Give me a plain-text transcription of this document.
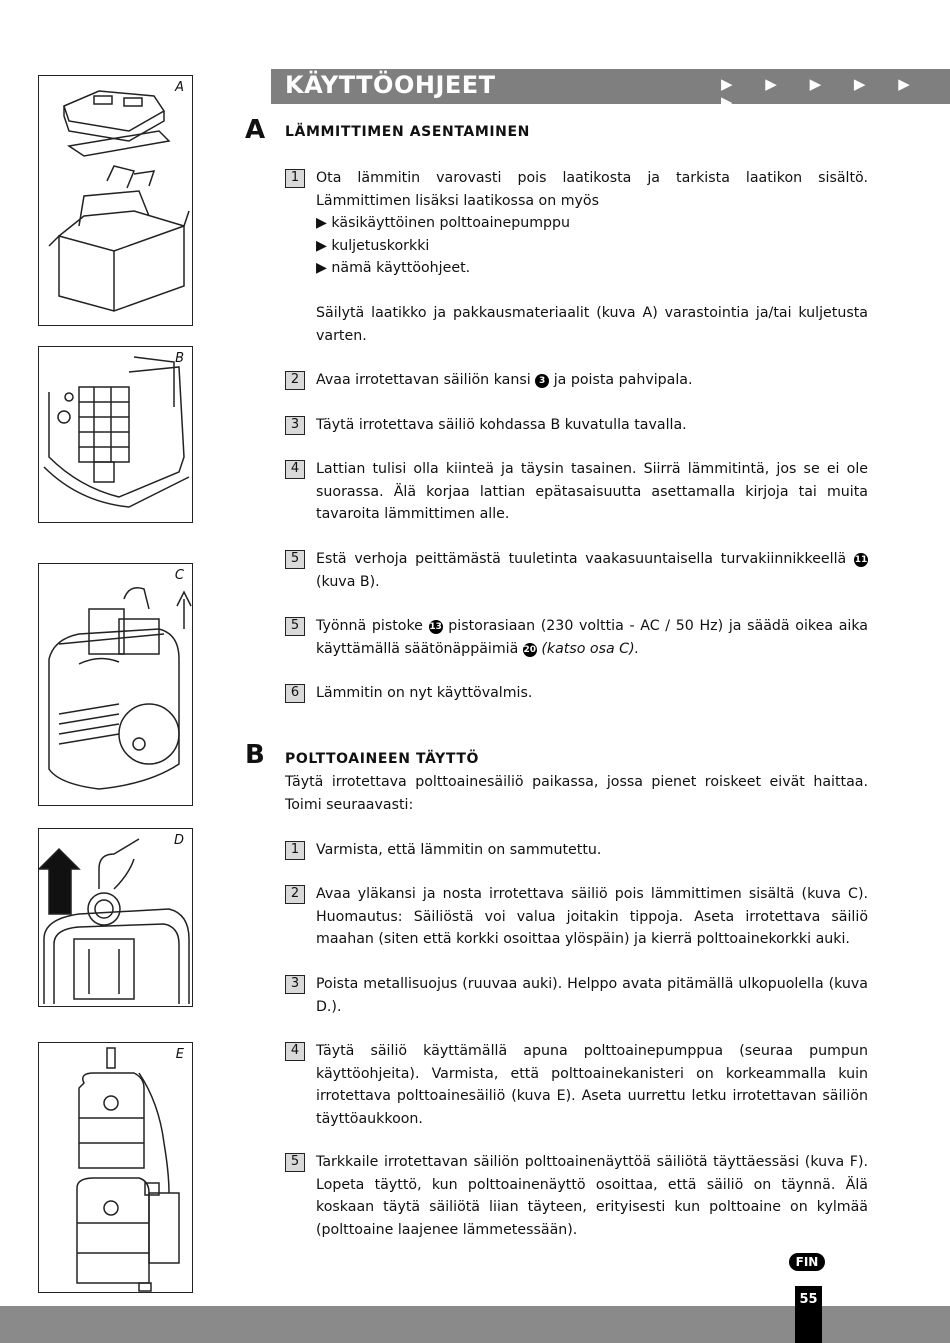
A
B
C
D
E
KÄYTTÖOHJEET	▶ ▶ ▶ ▶ ▶ ▶
A LÄMMITTIMEN ASENTAMINEN
1	Ota lämmitin varovasti pois laatikosta ja tarkista laatikon sisältö. Lämmittimen lisäksi laatikossa on myös
▶ käsikäyttöinen polttoainepumppu
▶ kuljetuskorkki
▶ nämä käyttöohjeet.
Säilytä laatikko ja pakkausmateriaalit (kuva A) varastointia ja/tai kuljetusta varten.
2	Avaa irrotettavan säiliön kansi 3 ja poista pahvipala.
3	Täytä irrotettava säiliö kohdassa B kuvatulla tavalla.
4	Lattian tulisi olla kiinteä ja täysin tasainen. Siirrä lämmitintä, jos se ei ole suorassa. Älä korjaa lattian epätasaisuutta asettamalla kirjoja tai muita tavaroita lämmittimen alle.
5	Estä verhoja peittämästä tuuletinta vaakasuuntaisella turvakiinnikkeellä 11 (kuva B).
5	Työnnä pistoke 13 pistorasiaan (230 volttia - AC / 50 Hz) ja säädä oikea aika käyttämällä säätönäppäimiä 20 (katso osa C).
6	Lämmitin on nyt käyttövalmis.
B POLTTOAINEEN TÄYTTÖ
Täytä irrotettava polttoainesäiliö paikassa, jossa pienet roiskeet eivät haittaa. Toimi seuraavasti:
1	Varmista, että lämmitin on sammutettu.
2	Avaa yläkansi ja nosta irrotettava säiliö pois lämmittimen sisältä (kuva C). Huomautus: Säiliöstä voi valua joitakin tippoja. Aseta irrotettava säiliö maahan (siten että korkki osoittaa ylöspäin) ja kierrä polttoainekorkki auki.
3	Poista metallisuojus (ruuvaa auki). Helppo avata pitämällä ulkopuolella (kuva D.).
4	Täytä säiliö käyttämällä apuna polttoainepumppua (seuraa pumpun käyttöohjeita). Varmista, että polttoainekanisteri on korkeammalla kuin irrotettava polttoainesäiliö (kuva E). Aseta uurrettu letku irrotettavan säiliön täyttöaukkoon.
5	Tarkkaile irrotettavan säiliön polttoainenäyttöä säiliötä täyttäessäsi (kuva F). Lopeta täyttö, kun polttoainenäyttö osoittaa, että säiliö on täynnä. Älä koskaan täytä säiliötä liian täyteen, erityisesti kun polttoaine on kylmää (polttoaine laajenee lämmetessään).
FIN
55
